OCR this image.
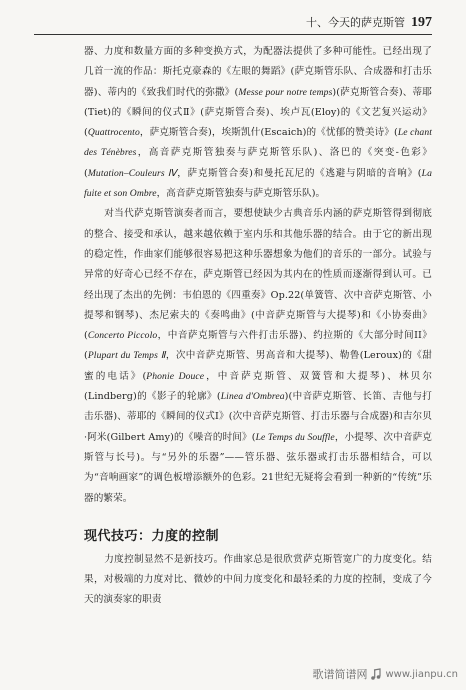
十、今天的萨克斯管 197

器、力度和数量方面的多种变换方式，为配器法提供了多种可能性。已经出现了几首一流的作品：斯托克豪森的《左眼的舞蹈》(萨克斯管乐队、合成器和打击乐器)、蒂内的《致我们时代的弥撒》(Messe pour notre temps)(萨克斯管合奏)、蒂耶(Tiet)的《瞬间的仪式Ⅱ》(萨克斯管合奏)、埃卢瓦(Eloy)的《文艺复兴运动》(Quattrocento，萨克斯管合奏)，埃斯凯什(Escaich)的《忧郁的赞美诗》(Le chant des Ténèbres，高音萨克斯管独奏与萨克斯管乐队)、洛巴的《突变-色彩》(Mutation–Couleurs Ⅳ，萨克斯管合奏)和曼托瓦尼的《逃避与阴暗的音响》(La fuite et son Ombre，高音萨克斯管独奏与萨克斯管乐队)。

对当代萨克斯管演奏者而言，要想使缺少古典音乐内涵的萨克斯管得到彻底的整合、接受和承认，越来越依赖于室内乐和其他乐器的结合。由于它的新出现的稳定性，作曲家们能够很容易把这种乐器想象为他们的音乐的一部分。试验与异常的好奇心已经不存在，萨克斯管已经因为其内在的性质而逐渐得到认可。已经出现了杰出的先例：韦伯恩的《四重奏》Op.22(单簧管、次中音萨克斯管、小提琴和钢琴)、杰尼索夫的《奏鸣曲》(中音萨克斯管与大提琴)和《小协奏曲》(Concerto Piccolo，中音萨克斯管与六件打击乐器)、约拉斯的《大部分时间II》(Plupart du Temps Ⅱ，次中音萨克斯管、男高音和大提琴)、勒鲁(Leroux)的《甜蜜的电话》(Phonie Douce，中音萨克斯管、双簧管和大提琴)、林贝尔(Lindberg)的《影子的轮廓》(Linea d'Ombrea)(中音萨克斯管、长笛、吉他与打击乐器)、蒂耶的《瞬间的仪式Ⅰ》(次中音萨克斯管、打击乐器与合成器)和吉尔贝·阿米(Gilbert Amy)的《噪音的时间》(Le Temps du Souffle，小提琴、次中音萨克斯管与长号)。与“另外的乐器”——管乐器、弦乐器或打击乐器相结合，可以为“音响画家”的调色板增添额外的色彩。21世纪无疑将会看到一种新的“传统”乐器的繁荣。

现代技巧：力度的控制

力度控制显然不是新技巧。作曲家总是很欣赏萨克斯管宽广的力度变化。结果，对极端的力度对比、微妙的中间力度变化和最轻柔的力度的控制，变成了今天的演奏家的职责

歌谱简谱网 www.jianpu.cn
